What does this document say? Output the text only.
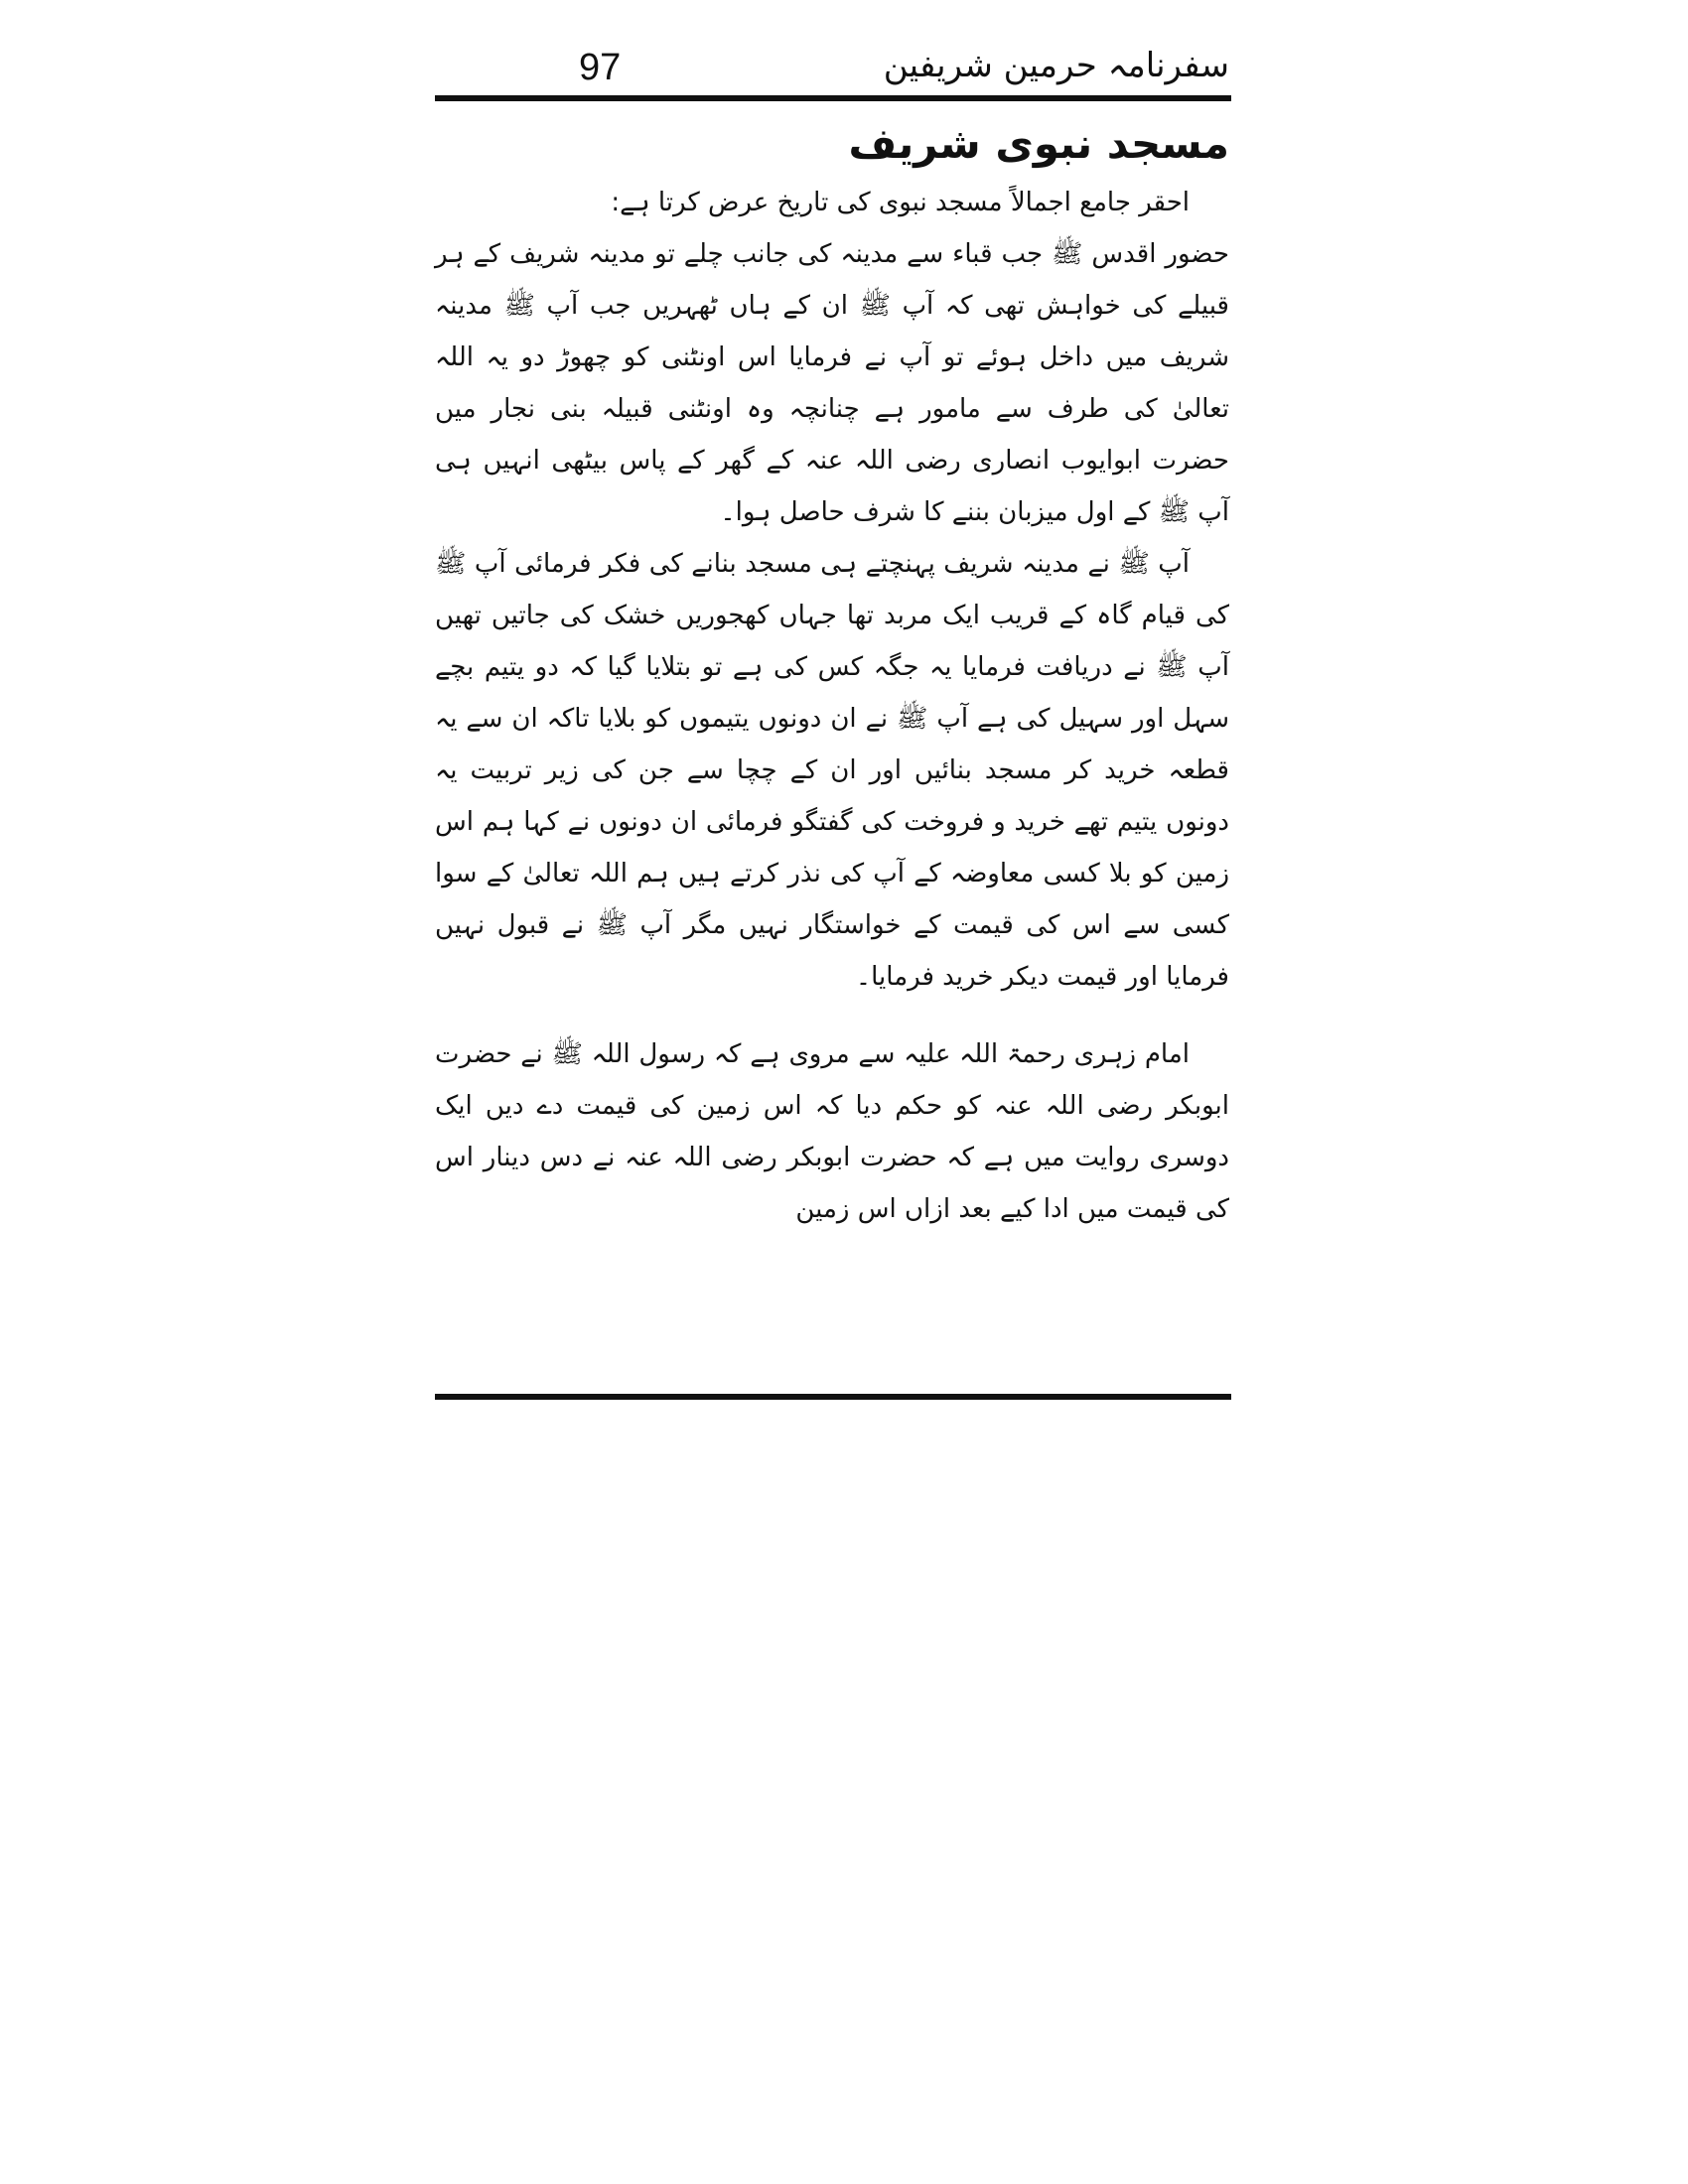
97	سفرنامہ حرمین شریفین
مسجد نبوی شریف

احقر جامع اجمالاً مسجد نبوی کی تاریخ عرض کرتا ہے:

حضور اقدس ﷺ جب قباء سے مدینہ کی جانب چلے تو مدینہ شریف کے ہر قبیلے کی خواہش تھی کہ آپ ﷺ ان کے ہاں ٹھہریں جب آپ ﷺ مدینہ شریف میں داخل ہوئے تو آپ نے فرمایا اس اونٹنی کو چھوڑ دو یہ اللہ تعالیٰ کی طرف سے مامور ہے چنانچہ وہ اونٹنی قبیلہ بنی نجار میں حضرت ابوایوب انصاری رضی اللہ عنہ کے گھر کے پاس بیٹھی انہیں ہی آپ ﷺ کے اول میزبان بننے کا شرف حاصل ہوا۔

آپ ﷺ نے مدینہ شریف پہنچتے ہی مسجد بنانے کی فکر فرمائی آپ ﷺ کی قیام گاہ کے قریب ایک مربد تھا جہاں کھجوریں خشک کی جاتیں تھیں آپ ﷺ نے دریافت فرمایا یہ جگہ کس کی ہے تو بتلایا گیا کہ دو یتیم بچے سہل اور سہیل کی ہے آپ ﷺ نے ان دونوں یتیموں کو بلایا تاکہ ان سے یہ قطعہ خرید کر مسجد بنائیں اور ان کے چچا سے جن کی زیر تربیت یہ دونوں یتیم تھے خرید و فروخت کی گفتگو فرمائی ان دونوں نے کہا ہم اس زمین کو بلا کسی معاوضہ کے آپ کی نذر کرتے ہیں ہم اللہ تعالیٰ کے سوا کسی سے اس کی قیمت کے خواستگار نہیں مگر آپ ﷺ نے قبول نہیں فرمایا اور قیمت دیکر خرید فرمایا۔

امام زہری رحمۃ اللہ علیہ سے مروی ہے کہ رسول اللہ ﷺ نے حضرت ابوبکر رضی اللہ عنہ کو حکم دیا کہ اس زمین کی قیمت دے دیں ایک دوسری روایت میں ہے کہ حضرت ابوبکر رضی اللہ عنہ نے دس دینار اس کی قیمت میں ادا کیے بعد ازاں اس زمین
